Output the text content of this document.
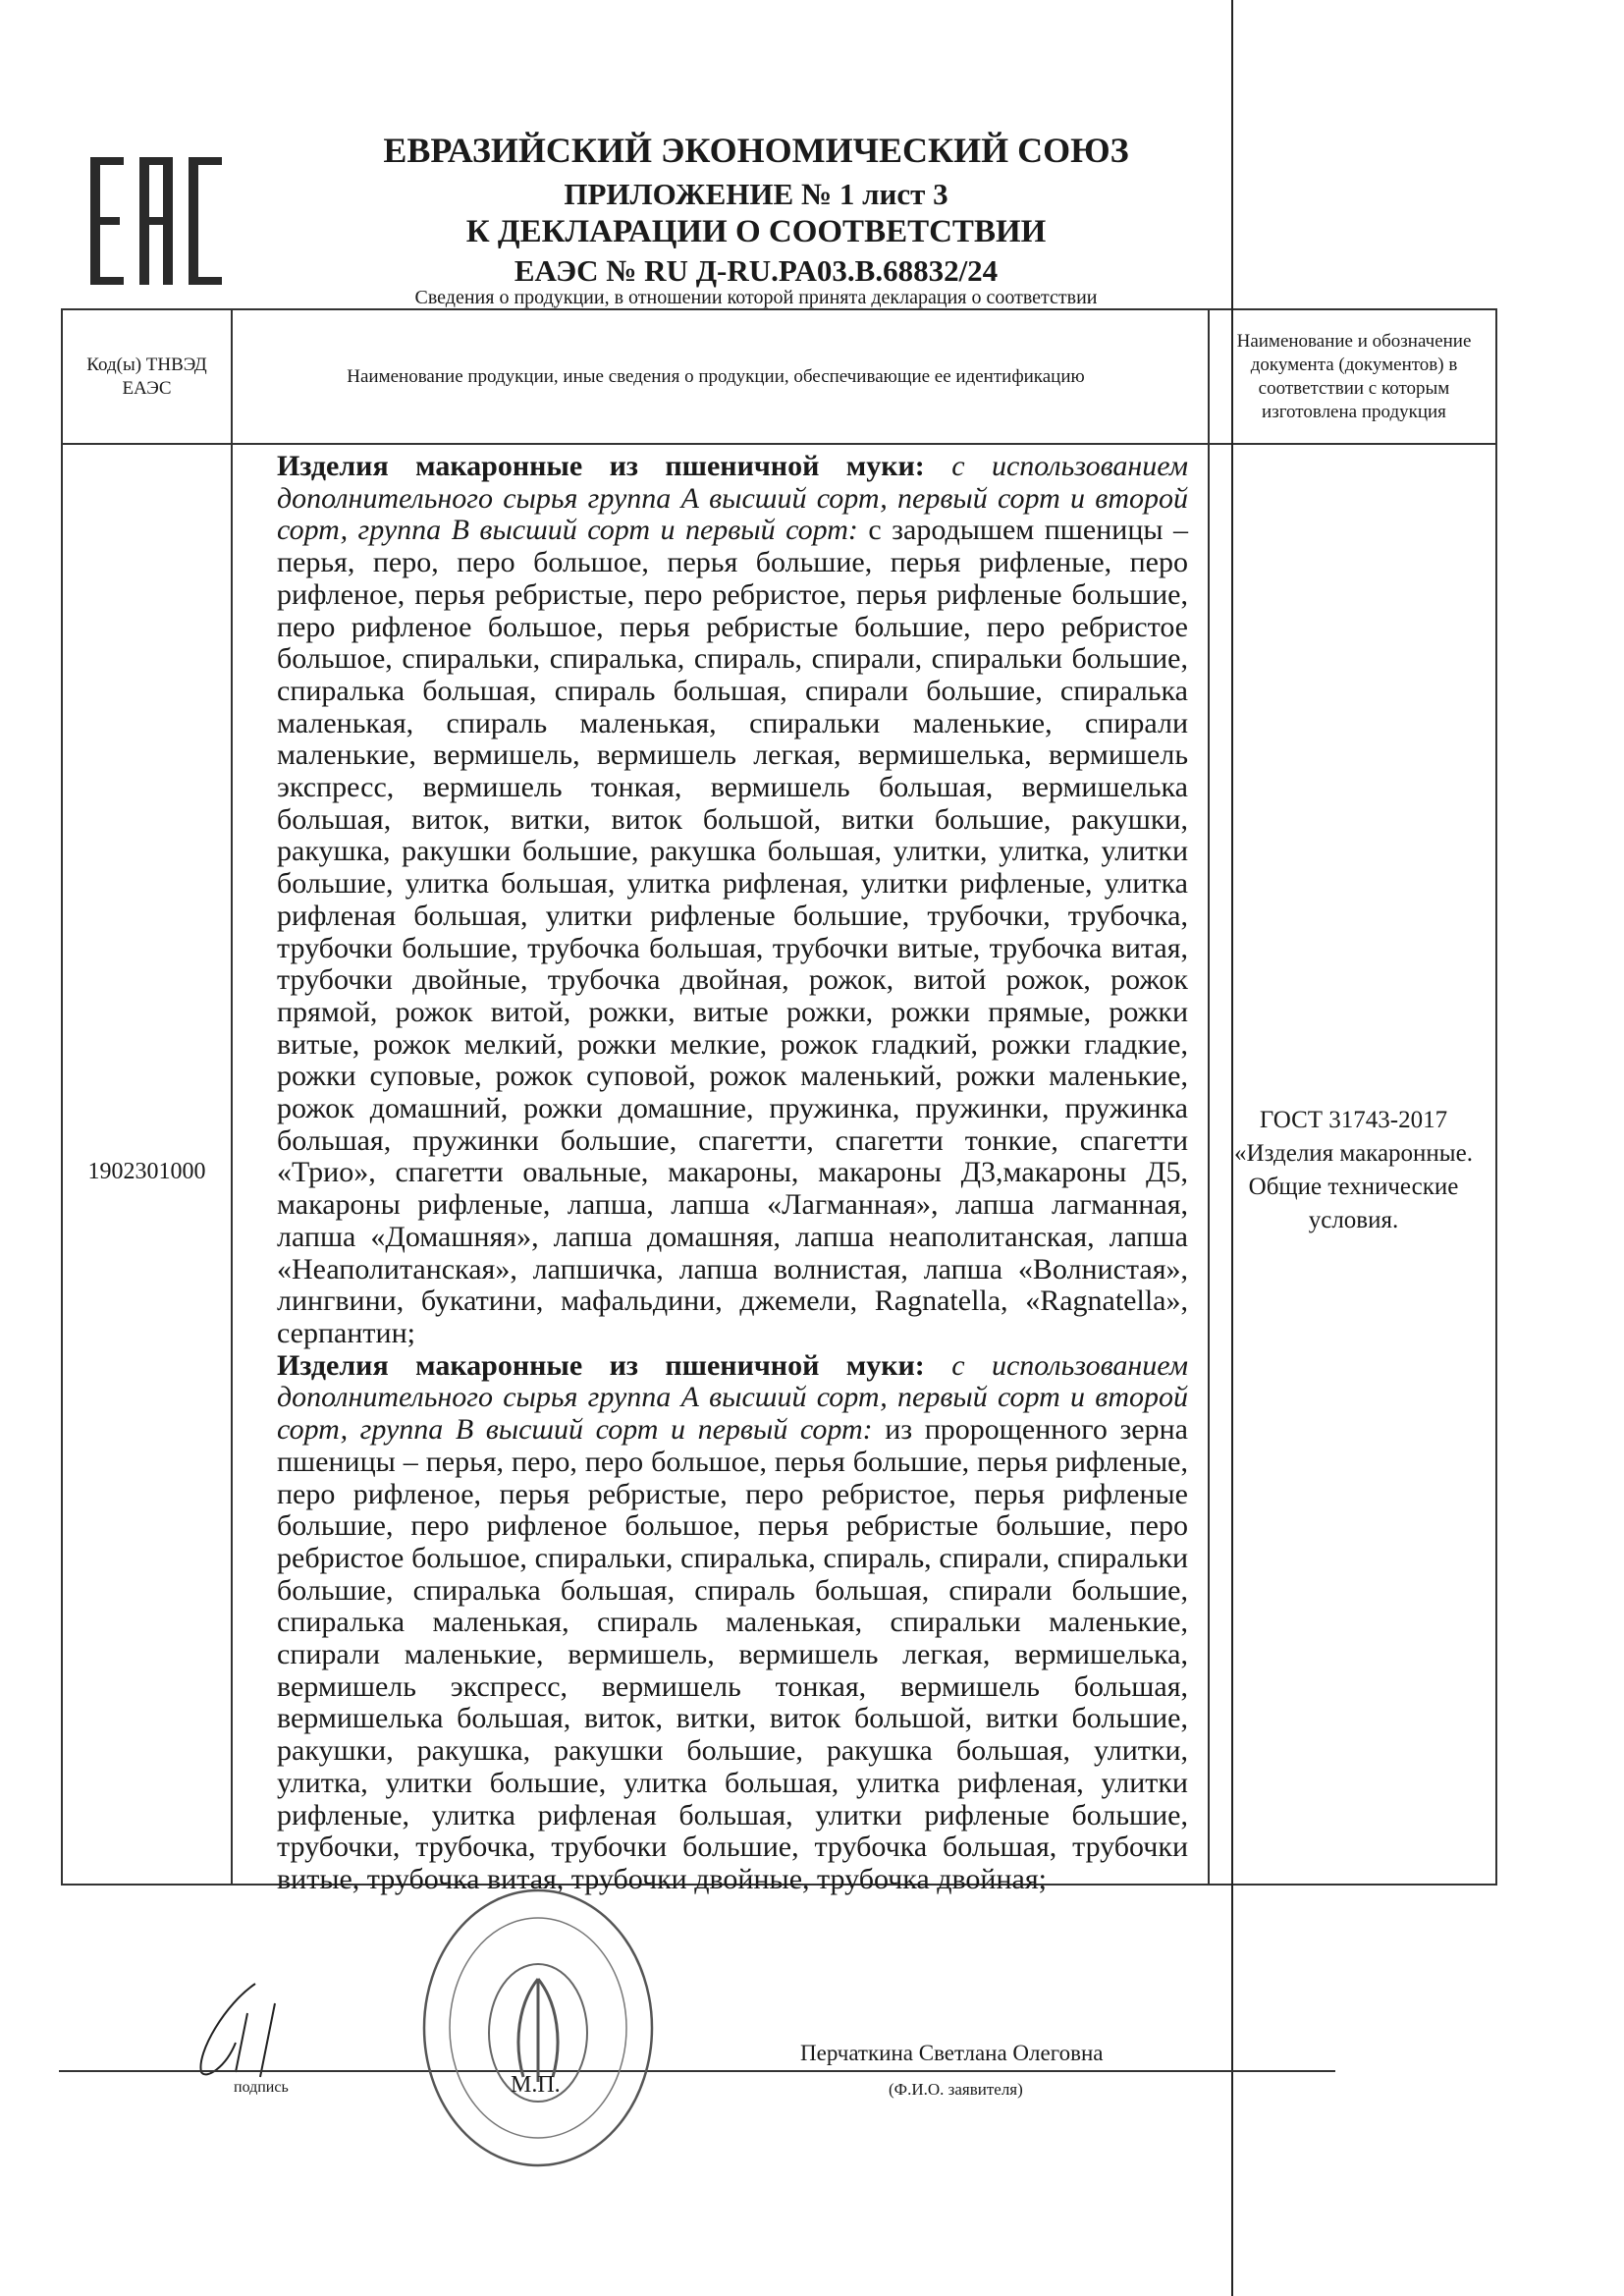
ЕВРАЗИЙСКИЙ ЭКОНОМИЧЕСКИЙ СОЮЗ
ПРИЛОЖЕНИЕ № 1 лист 3
К ДЕКЛАРАЦИИ О СООТВЕТСТВИИ
ЕАЭС № RU Д-RU.PA03.B.68832/24
Сведения о продукции, в отношении которой принята декларация о соответствии
Код(ы) ТНВЭД ЕАЭС
Наименование продукции, иные сведения о продукции, обеспечивающие ее идентификацию
Наименование и обозначение документа (документов) в соответствии с которым изготовлена продукция
1902301000
Изделия макаронные из пшеничной муки: с использованием дополнительного сырья группа А высший сорт, первый сорт и второй сорт, группа В высший сорт и первый сорт: с зародышем пшеницы – перья, перо, перо большое, перья большие, перья рифленые, перо рифленое, перья ребристые, перо ребристое, перья рифленые большие, перо рифленое большое, перья ребристые большие, перо ребристое большое, спиральки, спиралька, спираль, спирали, спиральки большие, спиралька большая, спираль большая, спирали большие, спиралька маленькая, спираль маленькая, спиральки маленькие, спирали маленькие, вермишель, вермишель легкая, вермишелька, вермишель экспресс, вермишель тонкая, вермишель большая, вермишелька большая, виток, витки, виток большой, витки большие, ракушки, ракушка, ракушки большие, ракушка большая, улитки, улитка, улитки большие, улитка большая, улитка рифленая, улитки рифленые, улитка рифленая большая, улитки рифленые большие, трубочки, трубочка, трубочки большие, трубочка большая, трубочки витые, трубочка витая, трубочки двойные, трубочка двойная, рожок, витой рожок, рожок прямой, рожок витой, рожки, витые рожки, рожки прямые, рожки витые, рожок мелкий, рожки мелкие, рожок гладкий, рожки гладкие, рожки суповые, рожок суповой, рожок маленький, рожки маленькие, рожок домашний, рожки домашние, пружинка, пружинки, пружинка большая, пружинки большие, спагетти, спагетти тонкие, спагетти «Трио», спагетти овальные, макароны, макароны Д3,макароны Д5, макароны рифленые, лапша, лапша «Лагманная», лапша лагманная, лапша «Домашняя», лапша домашняя, лапша неаполитанская, лапша «Неаполитанская», лапшичка, лапша волнистая, лапша «Волнистая», лингвини, букатини, мафальдини, джемели, Ragnatella, «Ragnatella», серпантин;
Изделия макаронные из пшеничной муки: с использованием дополнительного сырья группа А высший сорт, первый сорт и второй сорт, группа В высший сорт и первый сорт: из пророщенного зерна пшеницы – перья, перо, перо большое, перья большие, перья рифленые, перо рифленое, перья ребристые, перо ребристое, перья рифленые большие, перо рифленое большое, перья ребристые большие, перо ребристое большое, спиральки, спиралька, спираль, спирали, спиральки большие, спиралька большая, спираль большая, спирали большие, спиралька маленькая, спираль маленькая, спиральки маленькие, спирали маленькие, вермишель, вермишель легкая, вермишелька, вермишель экспресс, вермишель тонкая, вермишель большая, вермишелька большая, виток, витки, виток большой, витки большие, ракушки, ракушка, ракушки большие, ракушка большая, улитки, улитка, улитки большие, улитка большая, улитка рифленая, улитки рифленые, улитка рифленая большая, улитки рифленые большие, трубочки, трубочка, трубочки большие, трубочка большая, трубочки витые, трубочка витая, трубочки двойные, трубочка двойная;
ГОСТ 31743-2017
«Изделия макаронные. Общие технические условия.
подпись	М.П.
Перчаткина Светлана Олеговна
(Ф.И.О. заявителя)
